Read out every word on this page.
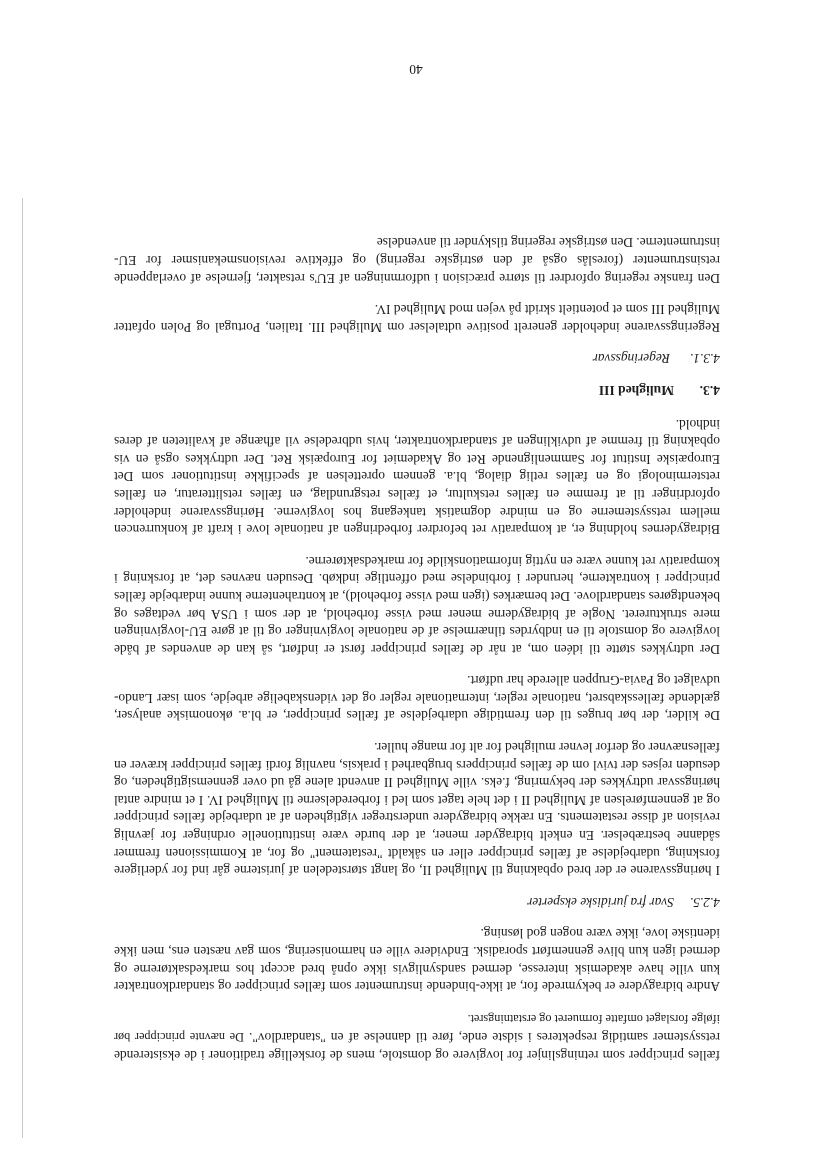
fælles principper som retningslinjer for lovgivere og domstole, mens de forskellige traditioner i de eksisterende retssystemer samtidig respekteres i sidste ende, føre til dannelse af en "standardlov". De nævnte principper bør ifølge forslaget omfatte formueret og erstatningsret.

Andre bidragydere er bekymrede for, at ikke-bindende instrumenter som fælles principper og standardkontrakter kun ville have akademisk interesse, dermed sandsynligvis ikke opnå bred accept hos markedsaktørerne og dermed igen kun blive gennemført sporadisk. Endvidere ville en harmonisering, som gav næsten ens, men ikke identiske love, ikke være nogen god løsning.

4.2.5.Svar fra juridiske eksperter

I høringssvarene er der bred opbakning til Mulighed II, og langt størstedelen af juristerne går ind for yderligere forskning, udarbejdelse af fælles principper eller en såkaldt "restatement" og for, at Kommissionen fremmer sådanne bestræbelser. En enkelt bidragyder mener, at der burde være institutionelle ordninger for jævnlig revision af disse restatements. En række bidragydere understreger vigtigheden af at udarbejde fælles principper og at gennemførelsen af Mulighed II i det hele taget som led i forberedelserne til Mulighed IV. I et mindre antal høringssvar udtrykkes der bekymring, f.eks. ville Mulighed II anvendt alene gå ud over gennemsigtigheden, og desuden rejses der tvivl om de fælles princippers brugbarhed i praksis, navnlig fordi fælles principper kræver en fællesnævner og derfor levner mulighed for alt for mange huller.

De kilder, der bør bruges til den fremtidige udarbejdelse af fælles principper, er bl.a. økonomiske analyser, gældende fællesskabsret, nationale regler, internationale regler og det videnskabelige arbejde, som især Lando-udvalget og Pavia-Gruppen allerede har udført.

Der udtrykkes støtte til idéen om, at når de fælles principper først er indført, så kan de anvendes af både lovgivere og domstole til en indbyrdes tilnærmelse af de nationale lovgivninger og til at gøre EU-lovgivningen mere struktureret. Nogle af bidragyderne mener med visse forbehold, at der som i USA bør vedtages og bekendtgøres standardlove. Det bemærkes (igen med visse forbehold), at kontrahenterne kunne indarbejde fælles principper i kontrakterne, herunder i forbindelse med offentlige indkøb. Desuden nævnes det, at forskning i komparativ ret kunne være en nyttig informationskilde for markedsaktørerne.

Bidragydernes holdning er, at komparativ ret befordrer forbedringen af nationale love i kraft af konkurrencen mellem retssystemerne og en mindre dogmatisk tankegang hos lovgiverne. Høringssvarene indeholder opfordringer til at fremme en fælles retskultur, et fælles retsgrundlag, en fælles retslitteratur, en fælles retsterminologi og en fælles retlig dialog, bl.a. gennem oprettelsen af specifikke institutioner som Det Europæiske Institut for Sammenlignende Ret og Akademiet for Europæisk Ret. Der udtrykkes også en vis opbakning til fremme af udviklingen af standardkontrakter, hvis udbredelse vil afhænge af kvaliteten af deres indhold.

4.3.Mulighed III
4.3.1.Regeringssvar

Regeringssvarene indeholder generelt positive udtalelser om Mulighed III. Italien, Portugal og Polen opfatter Mulighed III som et potentielt skridt på vejen mod Mulighed IV.

Den franske regering opfordrer til større præcision i udformningen af EU's retsakter, fjernelse af overlappende retsinstrumenter (foreslås også af den østrigske regering) og effektive revisionsmekanismer for EU-instrumenterne. Den østrigske regering tilskynder til anvendelse

40
